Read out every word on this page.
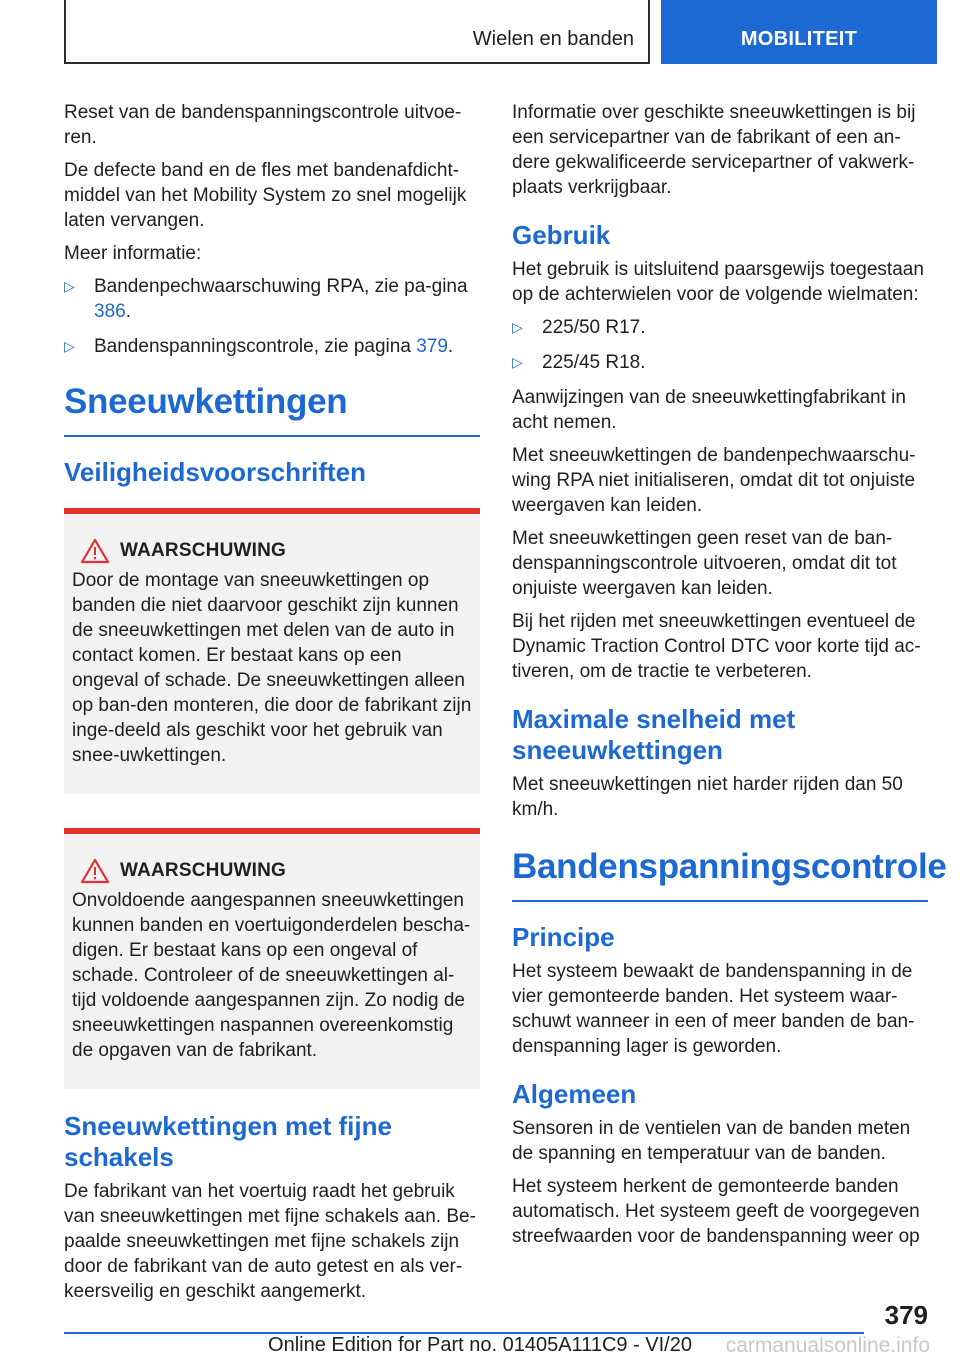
Wielen en banden	MOBILITEIT

Reset van de bandenspanningscontrole uitvoe-ren.

De defecte band en de fles met bandenafdicht-middel van het Mobility System zo snel mogelijk laten vervangen.

Meer informatie:

▷ Bandenpechwaarschuwing RPA, zie pa-gina 386.
▷ Bandenspanningscontrole, zie pagina 379.
Sneeuwkettingen
Veiligheidsvoorschriften
WAARSCHUWING
Door de montage van sneeuwkettingen op banden die niet daarvoor geschikt zijn kunnen de sneeuwkettingen met delen van de auto in contact komen. Er bestaat kans op een ongeval of schade. De sneeuwkettingen alleen op ban-den monteren, die door de fabrikant zijn inge-deeld als geschikt voor het gebruik van snee-uwkettingen.
WAARSCHUWING
Onvoldoende aangespannen sneeuwkettingen kunnen banden en voertuigonderdelen bescha-digen. Er bestaat kans op een ongeval of schade. Controleer of de sneeuwkettingen al-tijd voldoende aangespannen zijn. Zo nodig de sneeuwkettingen naspannen overeenkomstig de opgaven van de fabrikant.
Sneeuwkettingen met fijne schakels

De fabrikant van het voertuig raadt het gebruik van sneeuwkettingen met fijne schakels aan. Be-paalde sneeuwkettingen met fijne schakels zijn door de fabrikant van de auto getest en als ver-keersveilig en geschikt aangemerkt.

Informatie over geschikte sneeuwkettingen is bij een servicepartner van de fabrikant of een an-dere gekwalificeerde servicepartner of vakwerk-plaats verkrijgbaar.

Gebruik

Het gebruik is uitsluitend paarsgewijs toegestaan op de achterwielen voor de volgende wielmaten:

▷ 225/50 R17.
▷ 225/45 R18.

Aanwijzingen van de sneeuwkettingfabrikant in acht nemen.

Met sneeuwkettingen de bandenpechwaarschu-wing RPA niet initialiseren, omdat dit tot onjuiste weergaven kan leiden.

Met sneeuwkettingen geen reset van de ban-denspanningscontrole uitvoeren, omdat dit tot onjuiste weergaven kan leiden.

Bij het rijden met sneeuwkettingen eventueel de Dynamic Traction Control DTC voor korte tijd ac-tiveren, om de tractie te verbeteren.

Maximale snelheid met sneeuwkettingen

Met sneeuwkettingen niet harder rijden dan 50 km/h.

Bandenspanningscontrole
Principe

Het systeem bewaakt de bandenspanning in de vier gemonteerde banden. Het systeem waar-schuwt wanneer in een of meer banden de ban-denspanning lager is geworden.

Algemeen

Sensoren in de ventielen van de banden meten de spanning en temperatuur van de banden.

Het systeem herkent de gemonteerde banden automatisch. Het systeem geeft de voorgegeven streefwaarden voor de bandenspanning weer op

379
Online Edition for Part no. 01405A111C9 - VI/20	carmanualsonline.info
